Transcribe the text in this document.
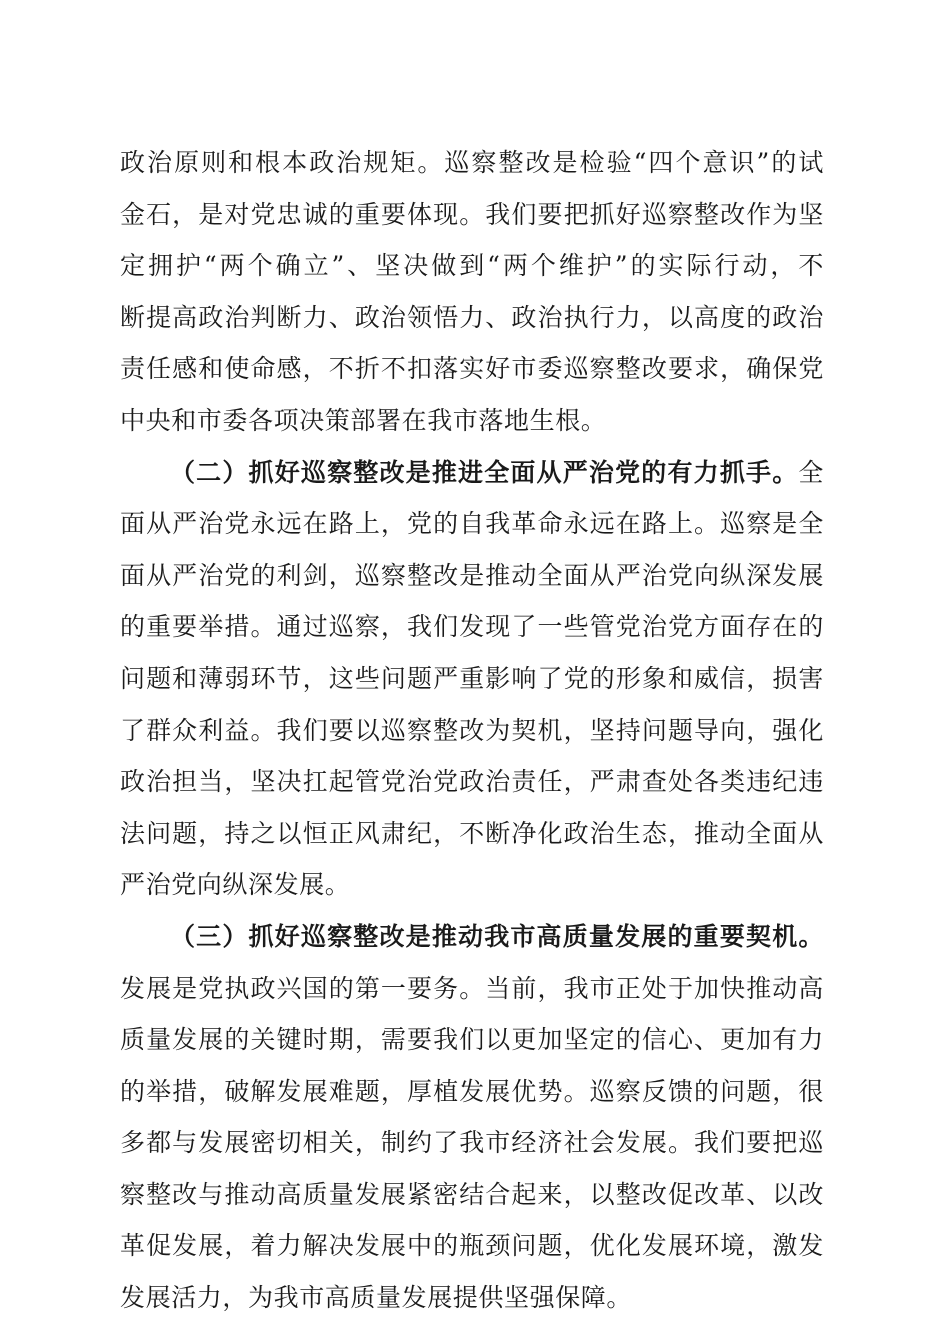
政治原则和根本政治规矩。巡察整改是检验“四个意识”的试
金石，是对党忠诚的重要体现。我们要把抓好巡察整改作为坚
定拥护“两个确立”、坚决做到“两个维护”的实际行动，不
断提高政治判断力、政治领悟力、政治执行力，以高度的政治
责任感和使命感，不折不扣落实好市委巡察整改要求，确保党
中央和市委各项决策部署在我市落地生根。
（二）抓好巡察整改是推进全面从严治党的有力抓手。全
面从严治党永远在路上，党的自我革命永远在路上。巡察是全
面从严治党的利剑，巡察整改是推动全面从严治党向纵深发展
的重要举措。通过巡察，我们发现了一些管党治党方面存在的
问题和薄弱环节，这些问题严重影响了党的形象和威信，损害
了群众利益。我们要以巡察整改为契机，坚持问题导向，强化
政治担当，坚决扛起管党治党政治责任，严肃查处各类违纪违
法问题，持之以恒正风肃纪，不断净化政治生态，推动全面从
严治党向纵深发展。
（三）抓好巡察整改是推动我市高质量发展的重要契机。
发展是党执政兴国的第一要务。当前，我市正处于加快推动高
质量发展的关键时期，需要我们以更加坚定的信心、更加有力
的举措，破解发展难题，厚植发展优势。巡察反馈的问题，很
多都与发展密切相关，制约了我市经济社会发展。我们要把巡
察整改与推动高质量发展紧密结合起来，以整改促改革、以改
革促发展，着力解决发展中的瓶颈问题，优化发展环境，激发
发展活力，为我市高质量发展提供坚强保障。
